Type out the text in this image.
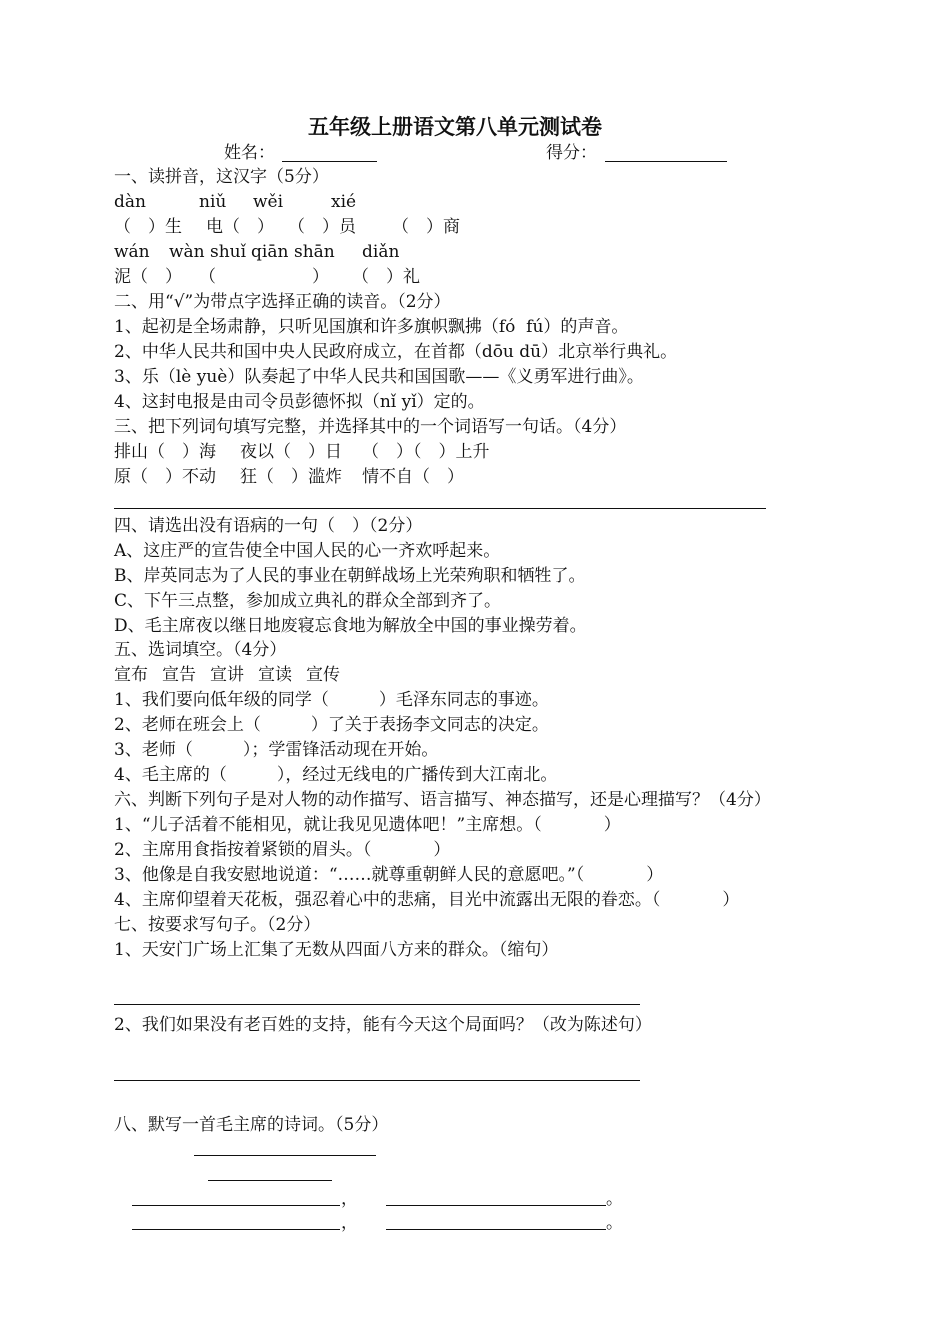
五年级上册语文第八单元测试卷
姓名：	得分：
一、读拼音，这汉字（5分）
dàn	niǔ wěi	xié
（　）生 电（　） （　）员 （　）商
wán wàn shuǐ qiān shān diǎn
泥（　） （	） （　）礼
二、用“√”为带点字选择正确的读音。（2分）
1、起初是全场肃静，只听见国旗和许多旗帜飘拂（fó  fú）的声音。
2、中华人民共和国中央人民政府成立，在首都（dōu dū）北京举行典礼。
3、乐（lè yuè）队奏起了中华人民共和国国歌——《义勇军进行曲》。
4、这封电报是由司令员彭德怀拟（nǐ yǐ）定的。
三、把下列词句填写完整，并选择其中的一个词语写一句话。（4分）
排山（　）海 夜以（　）日 （　）（　）上升
原（　）不动 狂（　）滥炸 情不自（　）
四、请选出没有语病的一句（　）（2分）
A、这庄严的宣告使全中国人民的心一齐欢呼起来。
B、岸英同志为了人民的事业在朝鲜战场上光荣殉职和牺牲了。
C、下午三点整，参加成立典礼的群众全部到齐了。
D、毛主席夜以继日地废寝忘食地为解放全中国的事业操劳着。
五、选词填空。（4分）
宣布 宣告 宣讲 宣读 宣传
1、我们要向低年级的同学（	）毛泽东同志的事迹。
2、老师在班会上（	）了关于表扬李文同志的决定。
3、老师（	）；学雷锋活动现在开始。
4、毛主席的（	），经过无线电的广播传到大江南北。
六、判断下列句子是对人物的动作描写、语言描写、神态描写，还是心理描写？（4分）
1、“儿子活着不能相见，就让我见见遗体吧！”主席想。（	）
2、主席用食指按着紧锁的眉头。（	）
3、他像是自我安慰地说道：“……就尊重朝鲜人民的意愿吧。”（	）
4、主席仰望着天花板，强忍着心中的悲痛，目光中流露出无限的眷恋。（	）
七、按要求写句子。（2分）
1、天安门广场上汇集了无数从四面八方来的群众。（缩句）
2、我们如果没有老百姓的支持，能有今天这个局面吗？（改为陈述句）
八、默写一首毛主席的诗词。（5分）
，	。
，	。
